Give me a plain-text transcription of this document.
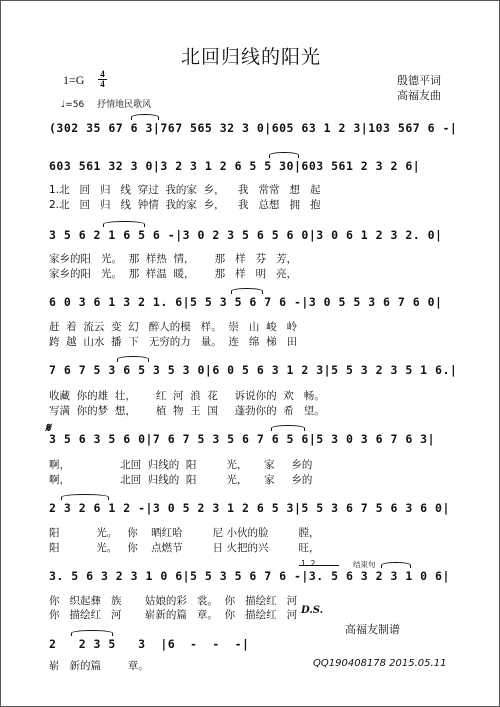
北回归线的阳光
1=G 4
4
♩=56 抒情地民歌风
殷德平词
高福友曲
(302 35 67 6 3|767 565 32 3 0|605 63 1 2 3|103 567 6 -|
603 561 32 3 0|3 2 3 1 2 6 5 5 30|603 561 2 3 2 6|
1.北   回   归   线  穿过  我的家  乡，    我   常常   想   起
2.北   回   归   线  钟情  我的家  乡，    我   总想   拥   抱
3 5 6 2 1 6 5 6 -|3 0 2 3 5 6 5 6 0|3 0 6 1 2 3 2. 0|
家乡的阳   光。  那  样热  情，      那   样   芬   芳，
家乡的阳   光。  那  样温  暖，      那   样   明   亮，
6 0 3 6 1 3 2 1. 6|5 5 3 5 6 7 6 -|3 0 5 5 3 6 7 6 0|
赶  着  流云  变  幻   醉人的模   样。  崇   山  峻   岭
跨  越  山水  播  下   无穷的力   量。  连   绵  梯   田
7 6 7 5 3 6 5 3 5 3 0|6 0 5 6 3 1 2 3|5 5 3 2 3 5 1 6.|
收藏  你的雄  壮，      红  河  浪  花     诉说你的  欢   畅。
写满  你的梦  想，      植  物  王  国     蓬勃你的  希   望。
𝄋
3 5 6 3 5 6 0|7 6 7 5 3 5 6 7 6 5 6|5 3 0 3 6 7 6 3|
啊，               北回  归线的  阳         光，     家     乡的
啊，               北回  归线的  阳         光，     家     乡的
2 3 2 6 1 2 -|3 0 5 2 3 1 2 6 5 3|5 5 3 6 7 5 6 3 6 0|
阳           光。   你    晒红哈         尼 小伙的脸         膛，
阳           光。   你    点燃节         日 火把的兴         旺，
1. 2.	结束句
3. 5 6 3 2 3 1 0 6|5 5 3 5 6 7 6 -|3. 5 6 3 2 3 1 0 6|
你   织起彝   族       姑娘的彩   裳。  你   描绘红   河
你   描绘红   河       崭新的篇   章。  你   描绘红   河 D.S.
2   2 3 5   3  |6  -  -  -|
崭   新的篇        章。
高福友制谱
QQ190408178 2015.05.11
